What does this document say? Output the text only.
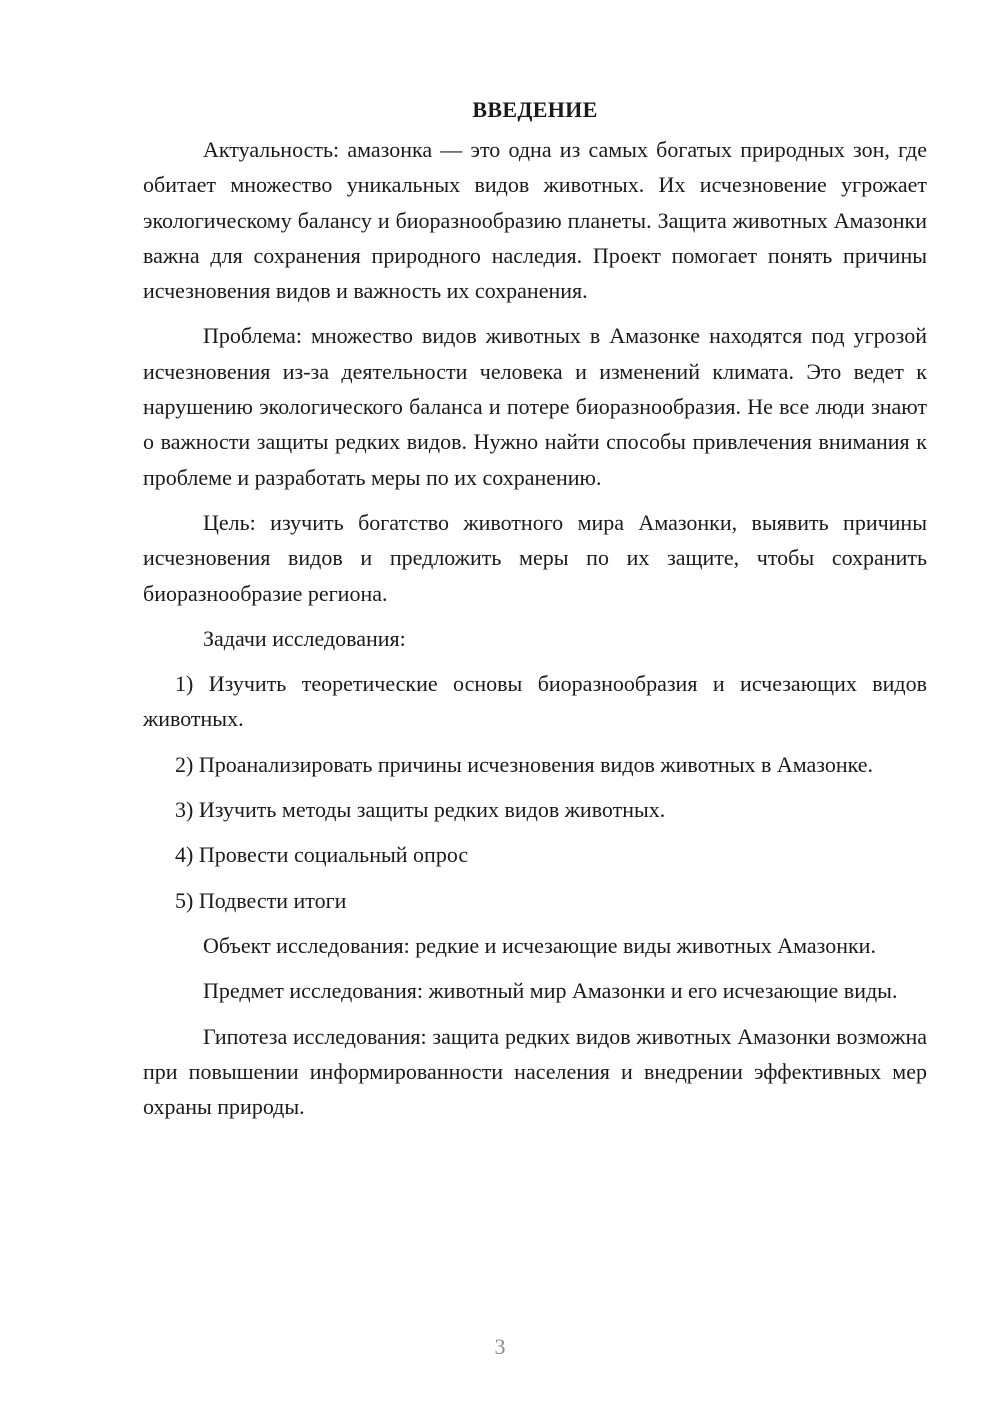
ВВЕДЕНИЕ

Актуальность: амазонка — это одна из самых богатых природных зон, где обитает множество уникальных видов животных. Их исчезновение угрожает экологическому балансу и биоразнообразию планеты. Защита животных Амазонки важна для сохранения природного наследия. Проект помогает понять причины исчезновения видов и важность их сохранения.

Проблема: множество видов животных в Амазонке находятся под угрозой исчезновения из-за деятельности человека и изменений климата. Это ведет к нарушению экологического баланса и потере биоразнообразия. Не все люди знают о важности защиты редких видов. Нужно найти способы привлечения внимания к проблеме и разработать меры по их сохранению.

Цель: изучить богатство животного мира Амазонки, выявить причины исчезновения видов и предложить меры по их защите, чтобы сохранить биоразнообразие региона.

Задачи исследования:

1) Изучить теоретические основы биоразнообразия и исчезающих видов животных.

2) Проанализировать причины исчезновения видов животных в Амазонке.

3) Изучить методы защиты редких видов животных.

4) Провести социальный опрос

5) Подвести итоги

Объект исследования: редкие и исчезающие виды животных Амазонки.

Предмет исследования: животный мир Амазонки и его исчезающие виды.

Гипотеза исследования: защита редких видов животных Амазонки возможна при повышении информированности населения и внедрении эффективных мер охраны природы.

3
